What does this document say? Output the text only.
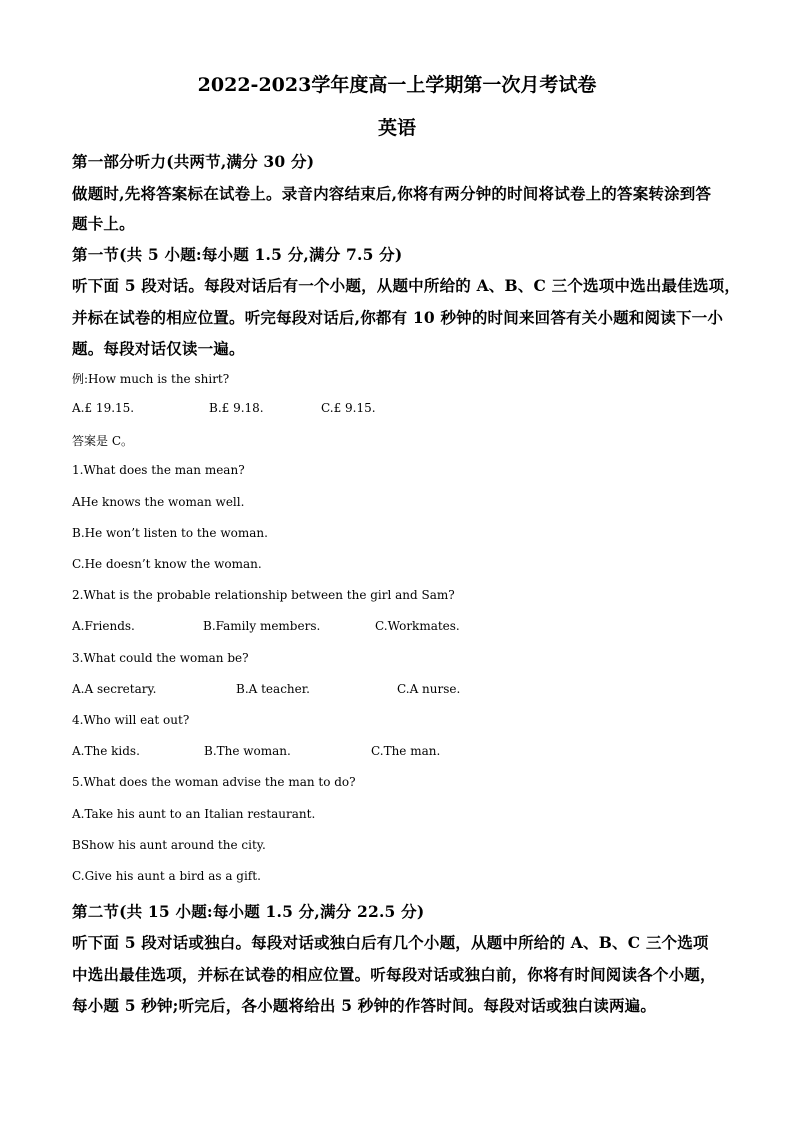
2022-2023学年度高一上学期第一次月考试卷
英语
第一部分听力(共两节,满分 30 分)
做题时,先将答案标在试卷上。录音内容结束后,你将有两分钟的时间将试卷上的答案转涂到答
题卡上。
第一节(共 5 小题:每小题 1.5 分,满分 7.5 分)
听下面 5 段对话。每段对话后有一个小题，从题中所给的 A、B、C 三个选项中选出最佳选项，
并标在试卷的相应位置。听完每段对话后,你都有 10 秒钟的时间来回答有关小题和阅读下一小
题。每段对话仅读一遍。
例:How much is the shirt?
A.£ 19.15.	B.£ 9.18.	C.£ 9.15.
答案是 C。
1.What does the man mean?
AHe knows the woman well.
B.He won’t listen to the woman.
C.He doesn’t know the woman.
2.What is the probable relationship between the girl and Sam?
A.Friends.	B.Family members.	C.Workmates.
3.What could the woman be?
A.A secretary.	B.A teacher.	C.A nurse.
4.Who will eat out?
A.The kids.	B.The woman.	C.The man.
5.What does the woman advise the man to do?
A.Take his aunt to an Italian restaurant.
BShow his aunt around the city.
C.Give his aunt a bird as a gift.
第二节(共 15 小题:每小题 1.5 分,满分 22.5 分)
听下面 5 段对话或独白。每段对话或独白后有几个小题，从题中所给的 A、B、C 三个选项
中选出最佳选项，并标在试卷的相应位置。听每段对话或独白前，你将有时间阅读各个小题，
每小题 5 秒钟;听完后，各小题将给出 5 秒钟的作答时间。每段对话或独白读两遍。
